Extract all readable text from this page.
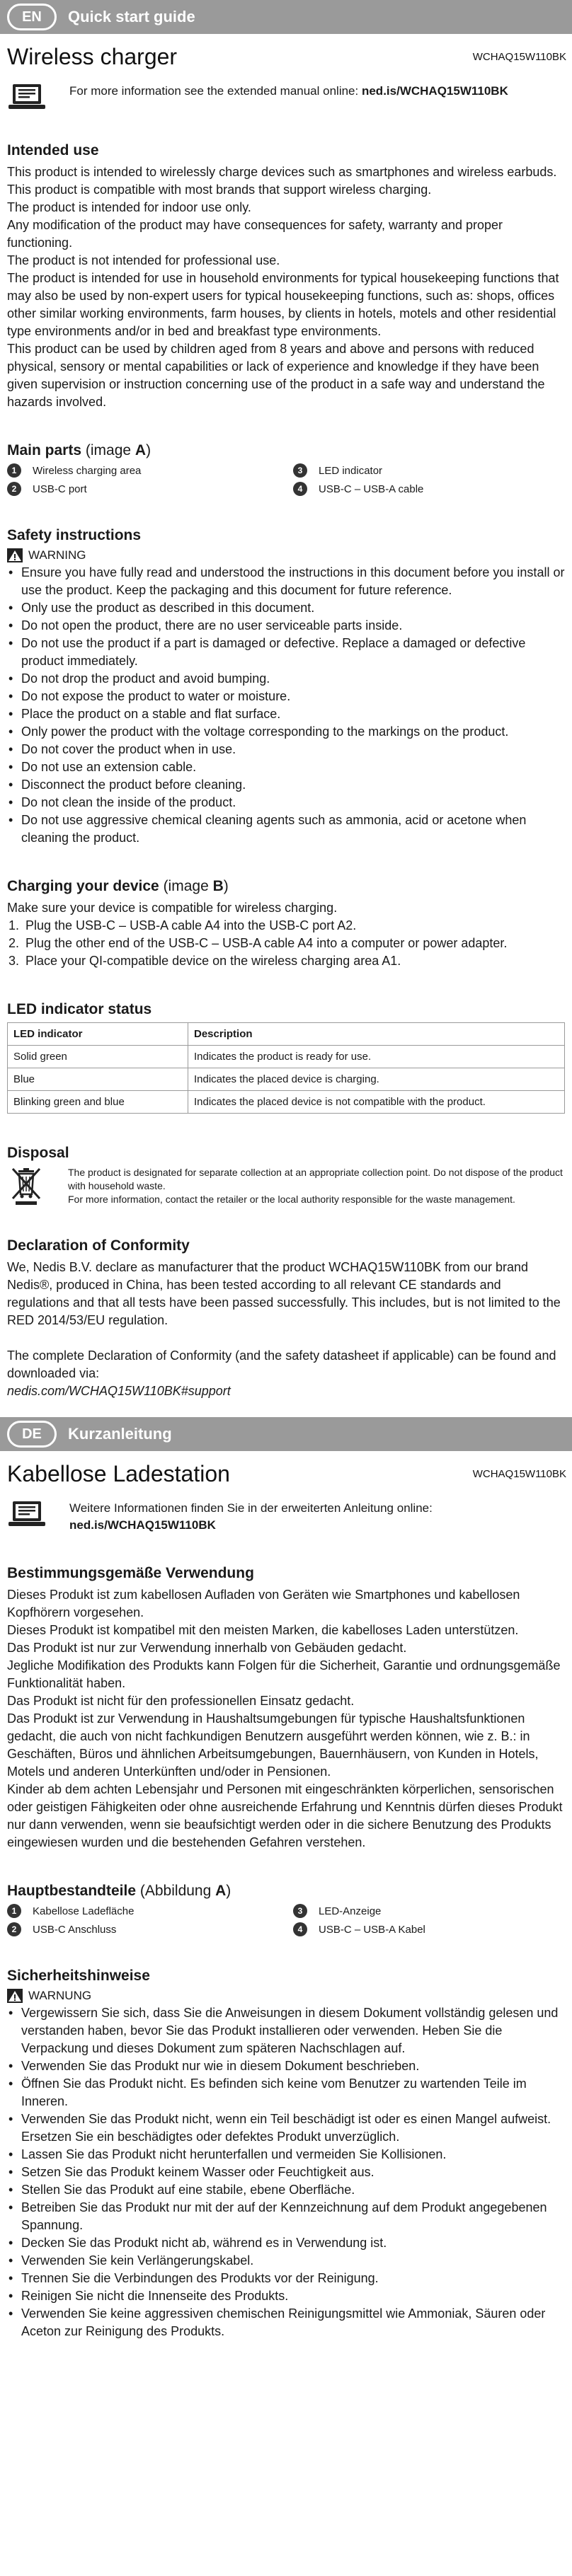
EN	Quick start guide
Wireless charger	WCHAQ15W110BK
For more information see the extended manual online: ned.is/WCHAQ15W110BK
Intended use

This product is intended to wirelessly charge devices such as smartphones and wireless earbuds.

This product is compatible with most brands that support wireless charging.

The product is intended for indoor use only.

Any modification of the product may have consequences for safety, warranty and proper functioning.

The product is not intended for professional use.

The product is intended for use in household environments for typical housekeeping functions that may also be used by non-expert users for typical housekeeping functions, such as: shops, offices other similar working environments, farm houses, by clients in hotels, motels and other residential type environments and/or in bed and breakfast type environments.

This product can be used by children aged from 8 years and above and persons with reduced physical, sensory or mental capabilities or lack of experience and knowledge if they have been given supervision or instruction concerning use of the product in a safe way and understand the hazards involved.

Main parts (image A)
1	Wireless charging area	3	LED indicator
2	USB-C port	4	USB-C – USB-A cable
Safety instructions
WARNING
• Ensure you have fully read and understood the instructions in this document before you install or use the product. Keep the packaging and this document for future reference.
• Only use the product as described in this document.
• Do not open the product, there are no user serviceable parts inside.
• Do not use the product if a part is damaged or defective. Replace a damaged or defective product immediately.
• Do not drop the product and avoid bumping.
• Do not expose the product to water or moisture.
• Place the product on a stable and flat surface.
• Only power the product with the voltage corresponding to the markings on the product.
• Do not cover the product when in use.
• Do not use an extension cable.
• Disconnect the product before cleaning.
• Do not clean the inside of the product.
• Do not use aggressive chemical cleaning agents such as ammonia, acid or acetone when cleaning the product.
Charging your device (image B)

Make sure your device is compatible for wireless charging.

1. Plug the USB-C – USB-A cable A4 into the USB-C port A2.
2. Plug the other end of the USB-C – USB-A cable A4 into a computer or power adapter.
3. Place your QI-compatible device on the wireless charging area A1.
LED indicator status
LED indicator	Description
Solid green	Indicates the product is ready for use.
Blue	Indicates the placed device is charging.
Blinking green and blue	Indicates the placed device is not compatible with the product.
Disposal

The product is designated for separate collection at an appropriate collection point. Do not dispose of the product with household waste.

For more information, contact the retailer or the local authority responsible for the waste management.

Declaration of Conformity

We, Nedis B.V. declare as manufacturer that the product WCHAQ15W110BK from our brand Nedis®, produced in China, has been tested according to all relevant CE standards and regulations and that all tests have been passed successfully. This includes, but is not limited to the RED 2014/53/EU regulation.

The complete Declaration of Conformity (and the safety datasheet if applicable) can be found and downloaded via:

nedis.com/WCHAQ15W110BK#support

DE	Kurzanleitung
Kabellose Ladestation	WCHAQ15W110BK
Weitere Informationen finden Sie in der erweiterten Anleitung online:
ned.is/WCHAQ15W110BK
Bestimmungsgemäße Verwendung

Dieses Produkt ist zum kabellosen Aufladen von Geräten wie Smartphones und kabellosen Kopfhörern vorgesehen.

Dieses Produkt ist kompatibel mit den meisten Marken, die kabelloses Laden unterstützen.

Das Produkt ist nur zur Verwendung innerhalb von Gebäuden gedacht.

Jegliche Modifikation des Produkts kann Folgen für die Sicherheit, Garantie und ordnungsgemäße Funktionalität haben.

Das Produkt ist nicht für den professionellen Einsatz gedacht.

Das Produkt ist zur Verwendung in Haushaltsumgebungen für typische Haushaltsfunktionen gedacht, die auch von nicht fachkundigen Benutzern ausgeführt werden können, wie z. B.: in Geschäften, Büros und ähnlichen Arbeitsumgebungen, Bauernhäusern, von Kunden in Hotels, Motels und anderen Unterkünften und/oder in Pensionen.

Kinder ab dem achten Lebensjahr und Personen mit eingeschränkten körperlichen, sensorischen oder geistigen Fähigkeiten oder ohne ausreichende Erfahrung und Kenntnis dürfen dieses Produkt nur dann verwenden, wenn sie beaufsichtigt werden oder in die sichere Benutzung des Produkts eingewiesen wurden und die bestehenden Gefahren verstehen.

Hauptbestandteile (Abbildung A)
1	Kabellose Ladefläche	3	LED-Anzeige
2	USB-C Anschluss	4	USB-C – USB-A Kabel
Sicherheitshinweise
WARNUNG
• Vergewissern Sie sich, dass Sie die Anweisungen in diesem Dokument vollständig gelesen und verstanden haben, bevor Sie das Produkt installieren oder verwenden. Heben Sie die Verpackung und dieses Dokument zum späteren Nachschlagen auf.
• Verwenden Sie das Produkt nur wie in diesem Dokument beschrieben.
• Öffnen Sie das Produkt nicht. Es befinden sich keine vom Benutzer zu wartenden Teile im Inneren.
• Verwenden Sie das Produkt nicht, wenn ein Teil beschädigt ist oder es einen Mangel aufweist. Ersetzen Sie ein beschädigtes oder defektes Produkt unverzüglich.
• Lassen Sie das Produkt nicht herunterfallen und vermeiden Sie Kollisionen.
• Setzen Sie das Produkt keinem Wasser oder Feuchtigkeit aus.
• Stellen Sie das Produkt auf eine stabile, ebene Oberfläche.
• Betreiben Sie das Produkt nur mit der auf der Kennzeichnung auf dem Produkt angegebenen Spannung.
• Decken Sie das Produkt nicht ab, während es in Verwendung ist.
• Verwenden Sie kein Verlängerungskabel.
• Trennen Sie die Verbindungen des Produkts vor der Reinigung.
• Reinigen Sie nicht die Innenseite des Produkts.
• Verwenden Sie keine aggressiven chemischen Reinigungsmittel wie Ammoniak, Säuren oder Aceton zur Reinigung des Produkts.
